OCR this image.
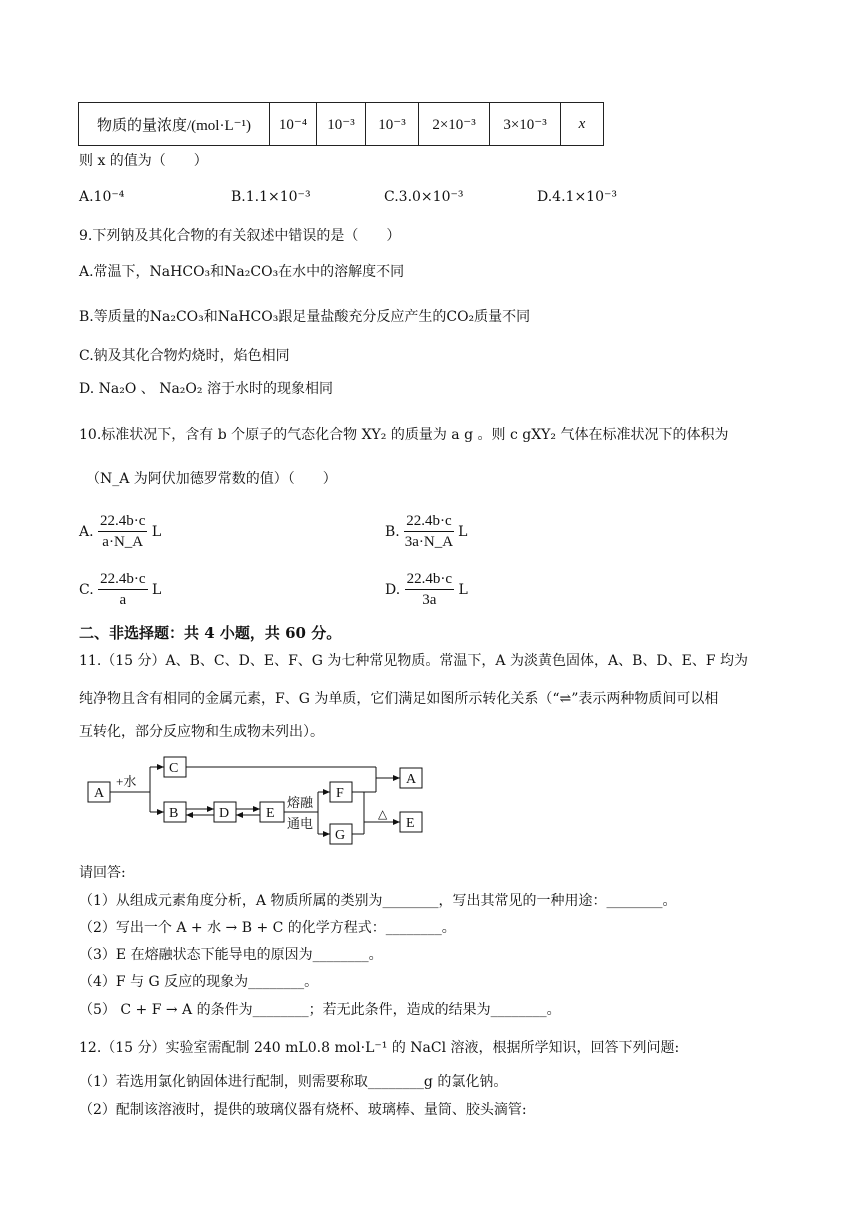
物质的量浓度/(mol·L⁻¹)	10⁻⁴	10⁻³	10⁻³	2×10⁻³	3×10⁻³	x
则 x 的值为（　　）
A.10⁻⁴	B.1.1×10⁻³	C.3.0×10⁻³	D.4.1×10⁻³
9.下列钠及其化合物的有关叙述中错误的是（　　）
A.常温下，NaHCO₃和Na₂CO₃在水中的溶解度不同
B.等质量的Na₂CO₃和NaHCO₃跟足量盐酸充分反应产生的CO₂质量不同
C.钠及其化合物灼烧时，焰色相同
D. Na₂O 、 Na₂O₂ 溶于水时的现象相同
10.标准状况下，含有 b 个原子的气态化合物 XY₂ 的质量为 a g 。则 c gXY₂ 气体在标准状况下的体积为
（N_A 为阿伏加德罗常数的值）（　　）
A. $\frac{22.4b\cdot c}{a\cdot N\_A}$ L	B. $\frac{22.4b\cdot c}{3a\cdot N\_A}$ L
C. $\frac{22.4b\cdot c}{a}$ L	D. $\frac{22.4b\cdot c}{3a}$ L
二、非选择题：共 4 小题，共 60 分。
11.（15 分）A、B、C、D、E、F、G 为七种常见物质。常温下，A 为淡黄色固体，A、B、D、E、F 均为
纯净物且含有相同的金属元素，F、G 为单质，它们满足如图所示转化关系（“⇌”表示两种物质间可以相
互转化，部分反应物和生成物未列出）。
A
C
B	D	E
F
G
A
E
+水
熔融
通电
△
请回答:
（1）从组成元素角度分析，A 物质所属的类别为________，写出其常见的一种用途：________。
（2）写出一个 A + 水 → B + C 的化学方程式：________。
（3）E 在熔融状态下能导电的原因为________。
（4）F 与 G 反应的现象为________。
（5） C + F → A 的条件为________；若无此条件，造成的结果为________。
12.（15 分）实验室需配制 240 mL0.8 mol·L⁻¹ 的 NaCl 溶液，根据所学知识，回答下列问题:
（1）若选用氯化钠固体进行配制，则需要称取________g 的氯化钠。
（2）配制该溶液时，提供的玻璃仪器有烧杯、玻璃棒、量筒、胶头滴管:
